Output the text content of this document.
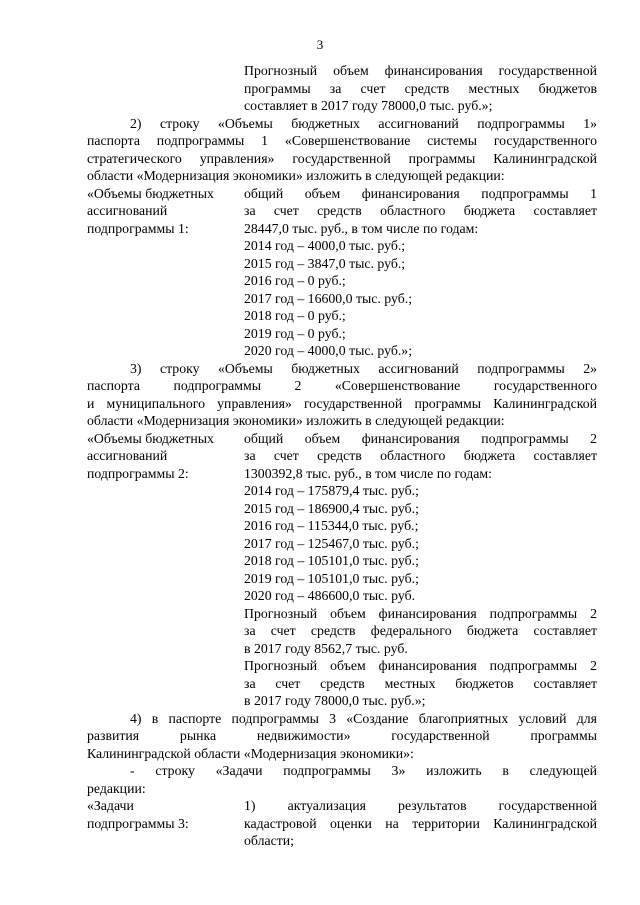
3

Прогнозный объем финансирования государственной

программы за счет средств местных бюджетов

составляет в 2017 году 78000,0 тыс. руб.»;

2) строку «Объемы бюджетных ассигнований подпрограммы 1»

паспорта подпрограммы 1 «Совершенствование системы государственного

стратегического управления» государственной программы Калининградской

области «Модернизация экономики» изложить в следующей редакции:

«Объемы бюджетных

ассигнований

подпрограммы 1:

общий объем финансирования подпрограммы 1

за счет средств областного бюджета составляет

28447,0 тыс. руб., в том числе по годам:

2014 год – 4000,0 тыс. руб.;

2015 год – 3847,0 тыс. руб.;

2016 год – 0 руб.;

2017 год – 16600,0 тыс. руб.;

2018 год – 0 руб.;

2019 год – 0 руб.;

2020 год – 4000,0 тыс. руб.»;

3) строку «Объемы бюджетных ассигнований подпрограммы 2»

паспорта подпрограммы 2 «Совершенствование государственного

и муниципального управления» государственной программы Калининградской

области «Модернизация экономики» изложить в следующей редакции:

«Объемы бюджетных

ассигнований

подпрограммы 2:

общий объем финансирования подпрограммы 2

за счет средств областного бюджета составляет

1300392,8 тыс. руб., в том числе по годам:

2014 год – 175879,4 тыс. руб.;

2015 год – 186900,4 тыс. руб.;

2016 год – 115344,0 тыс. руб.;

2017 год – 125467,0 тыс. руб.;

2018 год – 105101,0 тыс. руб.;

2019 год – 105101,0 тыс. руб.;

2020 год – 486600,0 тыс. руб.

Прогнозный объем финансирования подпрограммы 2

за счет средств федерального бюджета составляет

в 2017 году 8562,7 тыс. руб.

Прогнозный объем финансирования подпрограммы 2

за счет средств местных бюджетов составляет

в 2017 году 78000,0 тыс. руб.»;

4) в паспорте подпрограммы 3 «Создание благоприятных условий для

развития рынка недвижимости» государственной программы

Калининградской области «Модернизация экономики»:

- строку «Задачи подпрограммы 3» изложить в следующей

редакции:

«Задачи

подпрограммы 3:

1) актуализация результатов государственной

кадастровой оценки на территории Калининградской

области;
